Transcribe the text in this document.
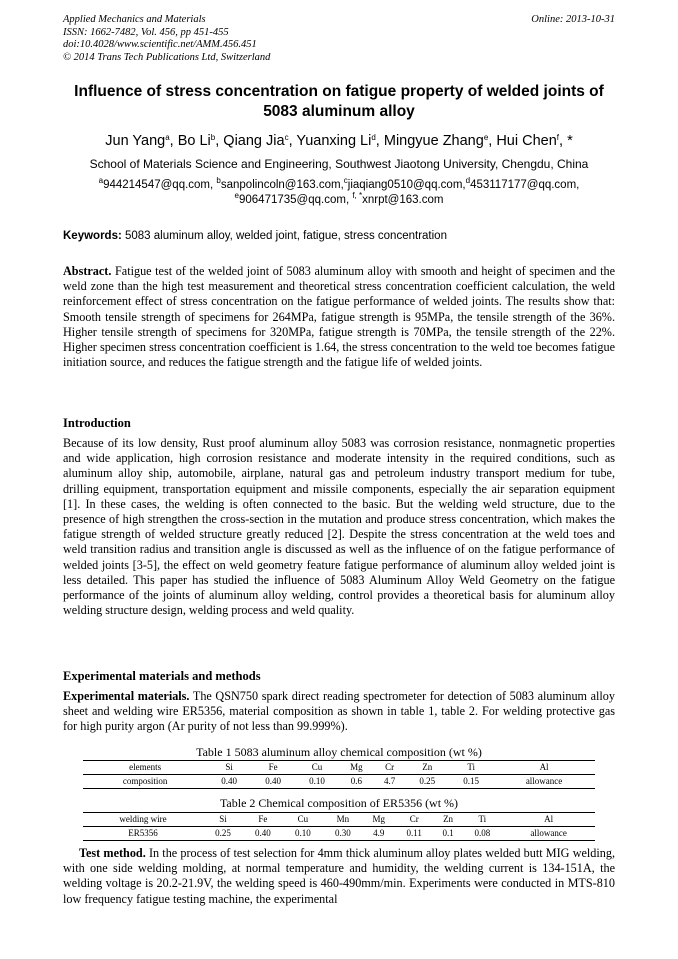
Applied Mechanics and Materials
ISSN: 1662-7482, Vol. 456, pp 451-455
doi:10.4028/www.scientific.net/AMM.456.451
© 2014 Trans Tech Publications Ltd, Switzerland
Online: 2013-10-31
Influence of stress concentration on fatigue property of welded joints of 5083 aluminum alloy
Jun Yang$^a$, Bo Li$^b$, Qiang Jia$^c$, Yuanxing Li$^d$, Mingyue Zhang$^e$, Hui Chen$^f$, *
School of Materials Science and Engineering, Southwest Jiaotong University, Chengdu, China
$^a$944214547@qq.com, $^b$sanpolincoln@163.com,$^c$jiaqiang0510@qq.com,$^d$453117177@qq.com,
$^e$906471735@qq.com, $^{f, *}$xnrpt@163.com
Keywords: 5083 aluminum alloy, welded joint, fatigue, stress concentration
Abstract. Fatigue test of the welded joint of 5083 aluminum alloy with smooth and height of specimen and the weld zone than the high test measurement and theoretical stress concentration coefficient calculation, the weld reinforcement effect of stress concentration on the fatigue performance of welded joints. The results show that: Smooth tensile strength of specimens for 264MPa, fatigue strength is 95MPa, the tensile strength of the 36%. Higher tensile strength of specimens for 320MPa, fatigue strength is 70MPa, the tensile strength of the 22%. Higher specimen stress concentration coefficient is 1.64, the stress concentration to the weld toe becomes fatigue initiation source, and reduces the fatigue strength and the fatigue life of welded joints.
Introduction
Because of its low density, Rust proof aluminum alloy 5083 was corrosion resistance, nonmagnetic properties and wide application, high corrosion resistance and moderate intensity in the required conditions, such as aluminum alloy ship, automobile, airplane, natural gas and petroleum industry transport medium for tube, drilling equipment, transportation equipment and missile components, especially the air separation equipment [1]. In these cases, the welding is often connected to the basic. But the welding weld structure, due to the presence of high strengthen the cross-section in the mutation and produce stress concentration, which makes the fatigue strength of welded structure greatly reduced [2]. Despite the stress concentration at the weld toes and weld transition radius and transition angle is discussed as well as the influence of on the fatigue performance of welded joints [3-5], the effect on weld geometry feature fatigue performance of aluminum alloy welded joint is less detailed. This paper has studied the influence of 5083 Aluminum Alloy Weld Geometry on the fatigue performance of the joints of aluminum alloy welding, control provides a theoretical basis for aluminum alloy welding structure design, welding process and weld quality.
Experimental materials and methods
Experimental materials. The QSN750 spark direct reading spectrometer for detection of 5083 aluminum alloy sheet and welding wire ER5356, material composition as shown in table 1, table 2. For welding protective gas for high purity argon (Ar purity of not less than 99.999%).
Table 1 5083 aluminum alloy chemical composition (wt %)
elements	Si	Fe	Cu	Mg	Cr	Zn	Ti	Al
composition	0.40	0.40	0.10	0.6	4.7	0.25	0.15	allowance
Table 2 Chemical composition of ER5356 (wt %)
welding wire	Si	Fe	Cu	Mn	Mg	Cr	Zn	Ti	Al
ER5356	0.25	0.40	0.10	0.30	4.9	0.11	0.1	0.08	allowance
Test method. In the process of test selection for 4mm thick aluminum alloy plates welded butt MIG welding, with one side welding molding, at normal temperature and humidity, the welding current is 134-151A, the welding voltage is 20.2-21.9V, the welding speed is 460-490mm/min. Experiments were conducted in MTS-810 low frequency fatigue testing machine, the experimental
